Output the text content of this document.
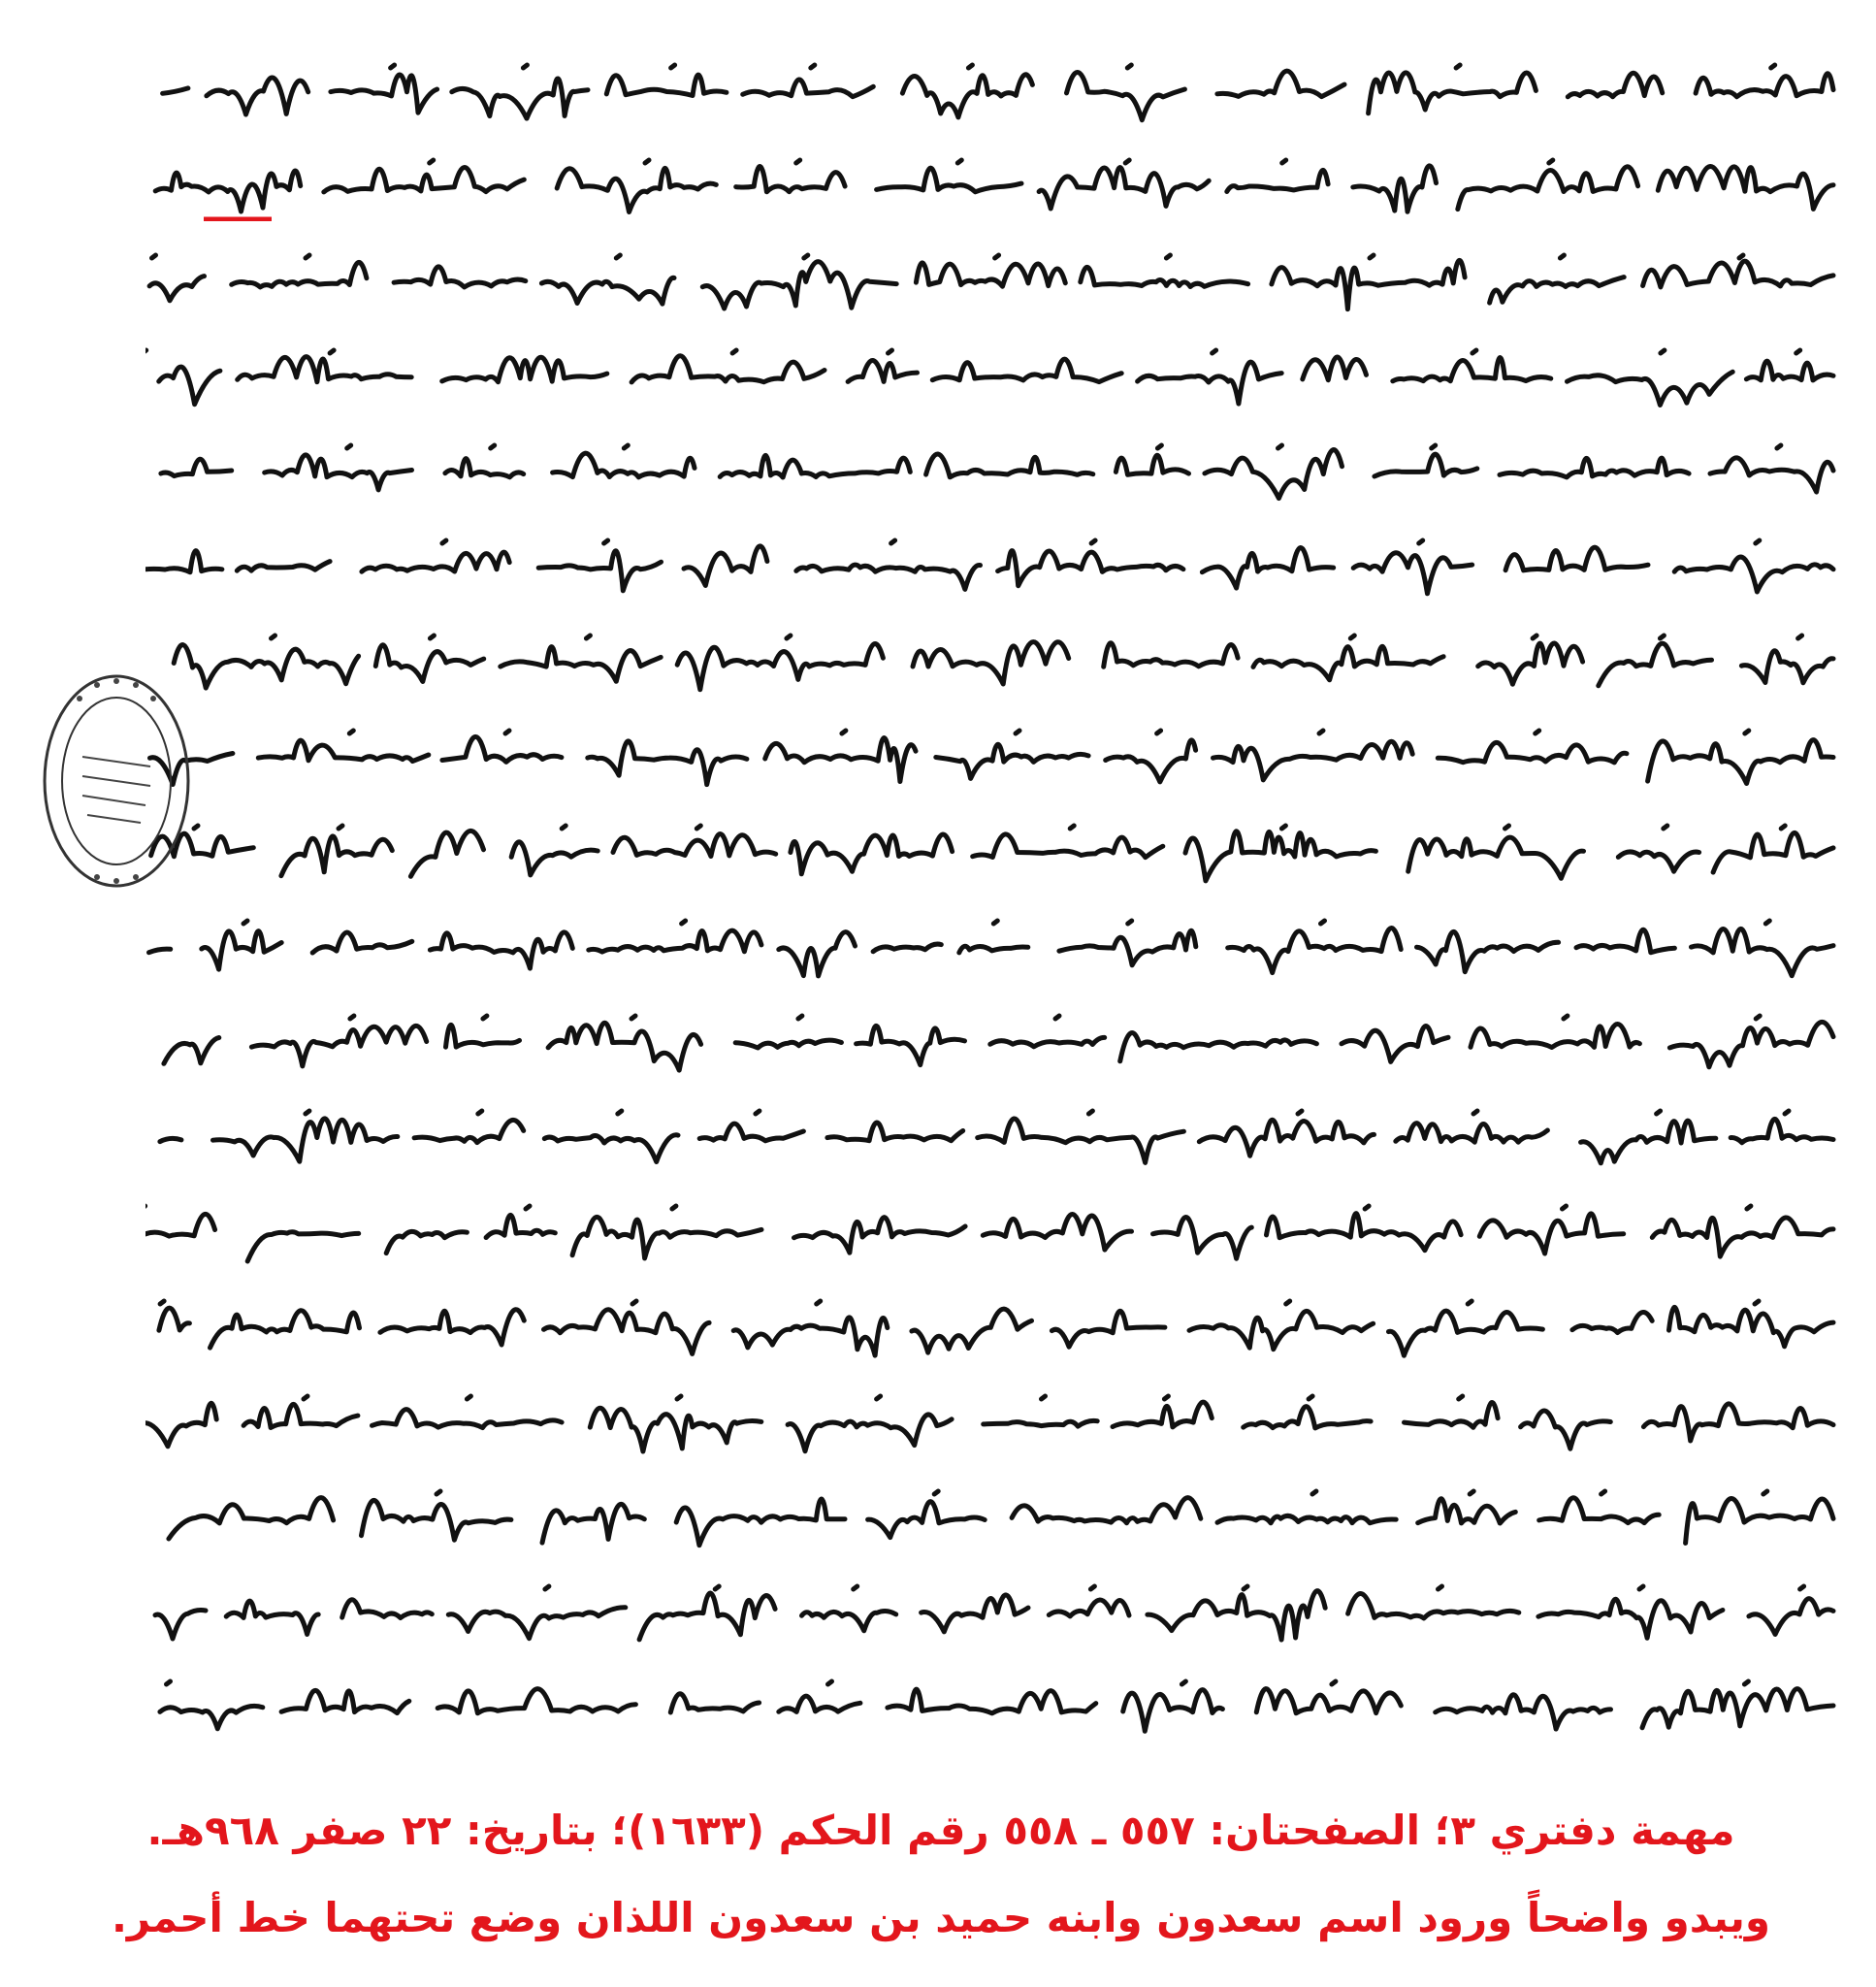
مهمة دفتري ٣؛ الصفحتان: ٥٥٧ ـ ٥٥٨ رقم الحكم (١٦٣٣)؛ بتاريخ: ٢٢ صفر ٩٦٨هـ.
ويبدو واضحاً ورود اسم سعدون وابنه حميد بن سعدون اللذان وضع تحتهما خط أحمر.
